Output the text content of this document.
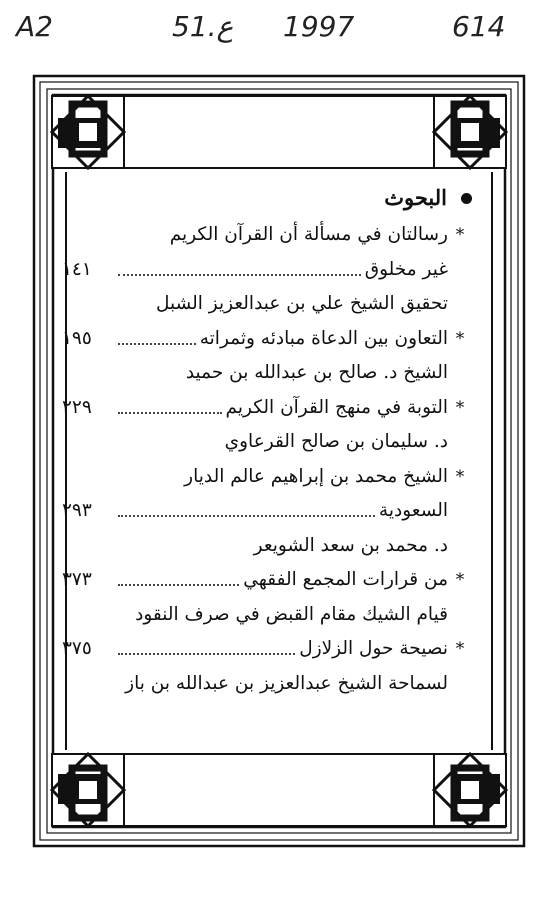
A2	51.ع 1997	614
البحوث
*
رسالتان في مسألة أن القرآن الكريم
غير مخلوق
١٤١
تحقيق الشيخ علي بن عبدالعزيز الشبل
*
التعاون بين الدعاة مبادئه وثمراته
١٩٥
الشيخ د. صالح بن عبدالله بن حميد
*
التوبة في منهج القرآن الكريم
٢٢٩
د. سليمان بن صالح القرعاوي
*
الشيخ محمد بن إبراهيم عالم الديار
السعودية
٢٩٣
د. محمد بن سعد الشويعر
*
من قرارات المجمع الفقهي
٣٧٣
قيام الشيك مقام القبض في صرف النقود
*
نصيحة حول الزلازل
٣٧٥
لسماحة الشيخ عبدالعزيز بن عبدالله بن باز
